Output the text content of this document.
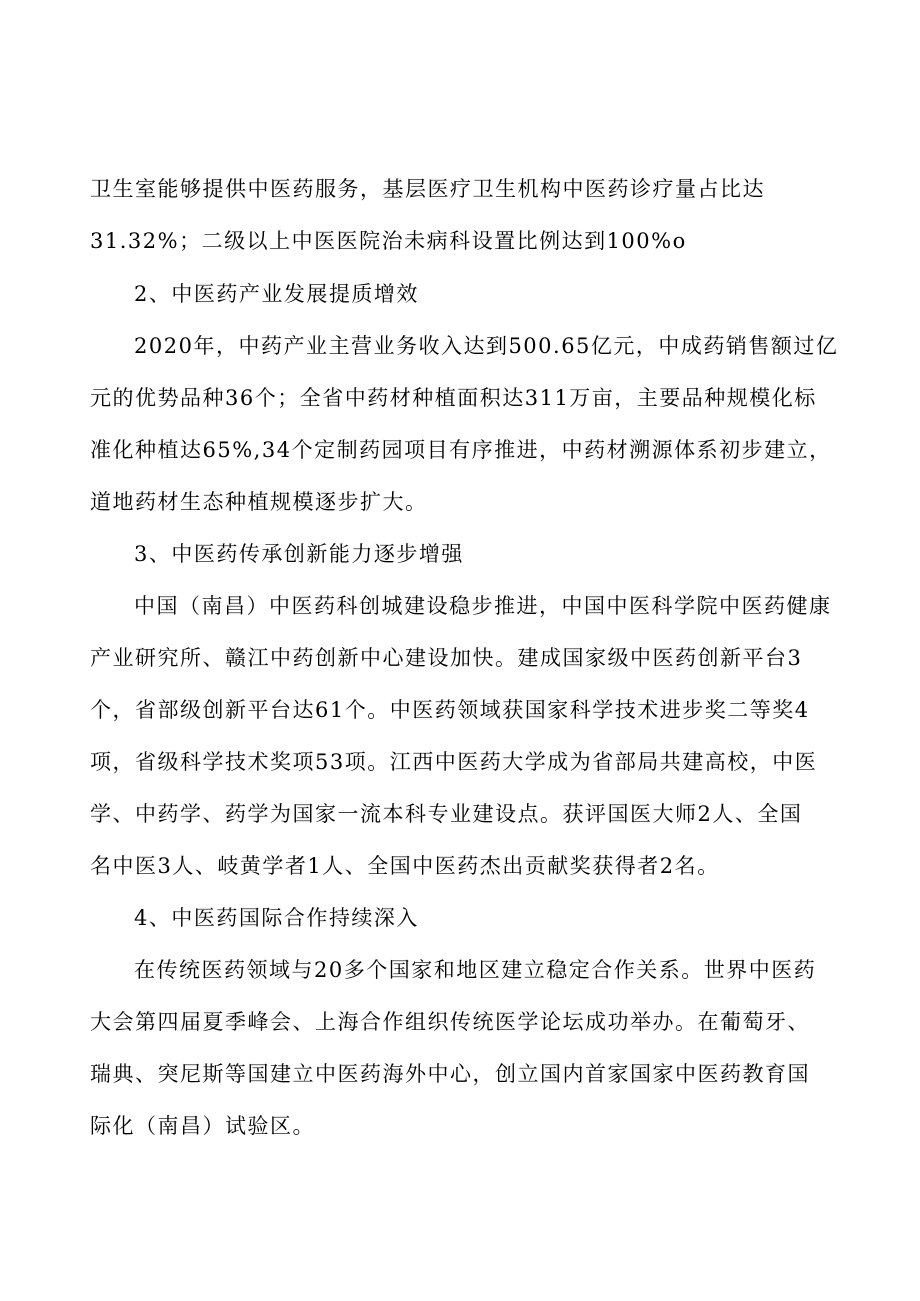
卫生室能够提供中医药服务，基层医疗卫生机构中医药诊疗量占比达
31.32%；二级以上中医医院治未病科设置比例达到100%o
2、中医药产业发展提质增效
2020年，中药产业主营业务收入达到500.65亿元，中成药销售额过亿
元的优势品种36个；全省中药材种植面积达311万亩，主要品种规模化标
准化种植达65%,34个定制药园项目有序推进，中药材溯源体系初步建立，
道地药材生态种植规模逐步扩大。
3、中医药传承创新能力逐步增强
中国（南昌）中医药科创城建设稳步推进，中国中医科学院中医药健康
产业研究所、赣江中药创新中心建设加快。建成国家级中医药创新平台3
个，省部级创新平台达61个。中医药领域获国家科学技术进步奖二等奖4
项，省级科学技术奖项53项。江西中医药大学成为省部局共建高校，中医
学、中药学、药学为国家一流本科专业建设点。获评国医大师2人、全国
名中医3人、岐黄学者1人、全国中医药杰出贡献奖获得者2名。
4、中医药国际合作持续深入
在传统医药领域与20多个国家和地区建立稳定合作关系。世界中医药
大会第四届夏季峰会、上海合作组织传统医学论坛成功举办。在葡萄牙、
瑞典、突尼斯等国建立中医药海外中心，创立国内首家国家中医药教育国
际化（南昌）试验区。
